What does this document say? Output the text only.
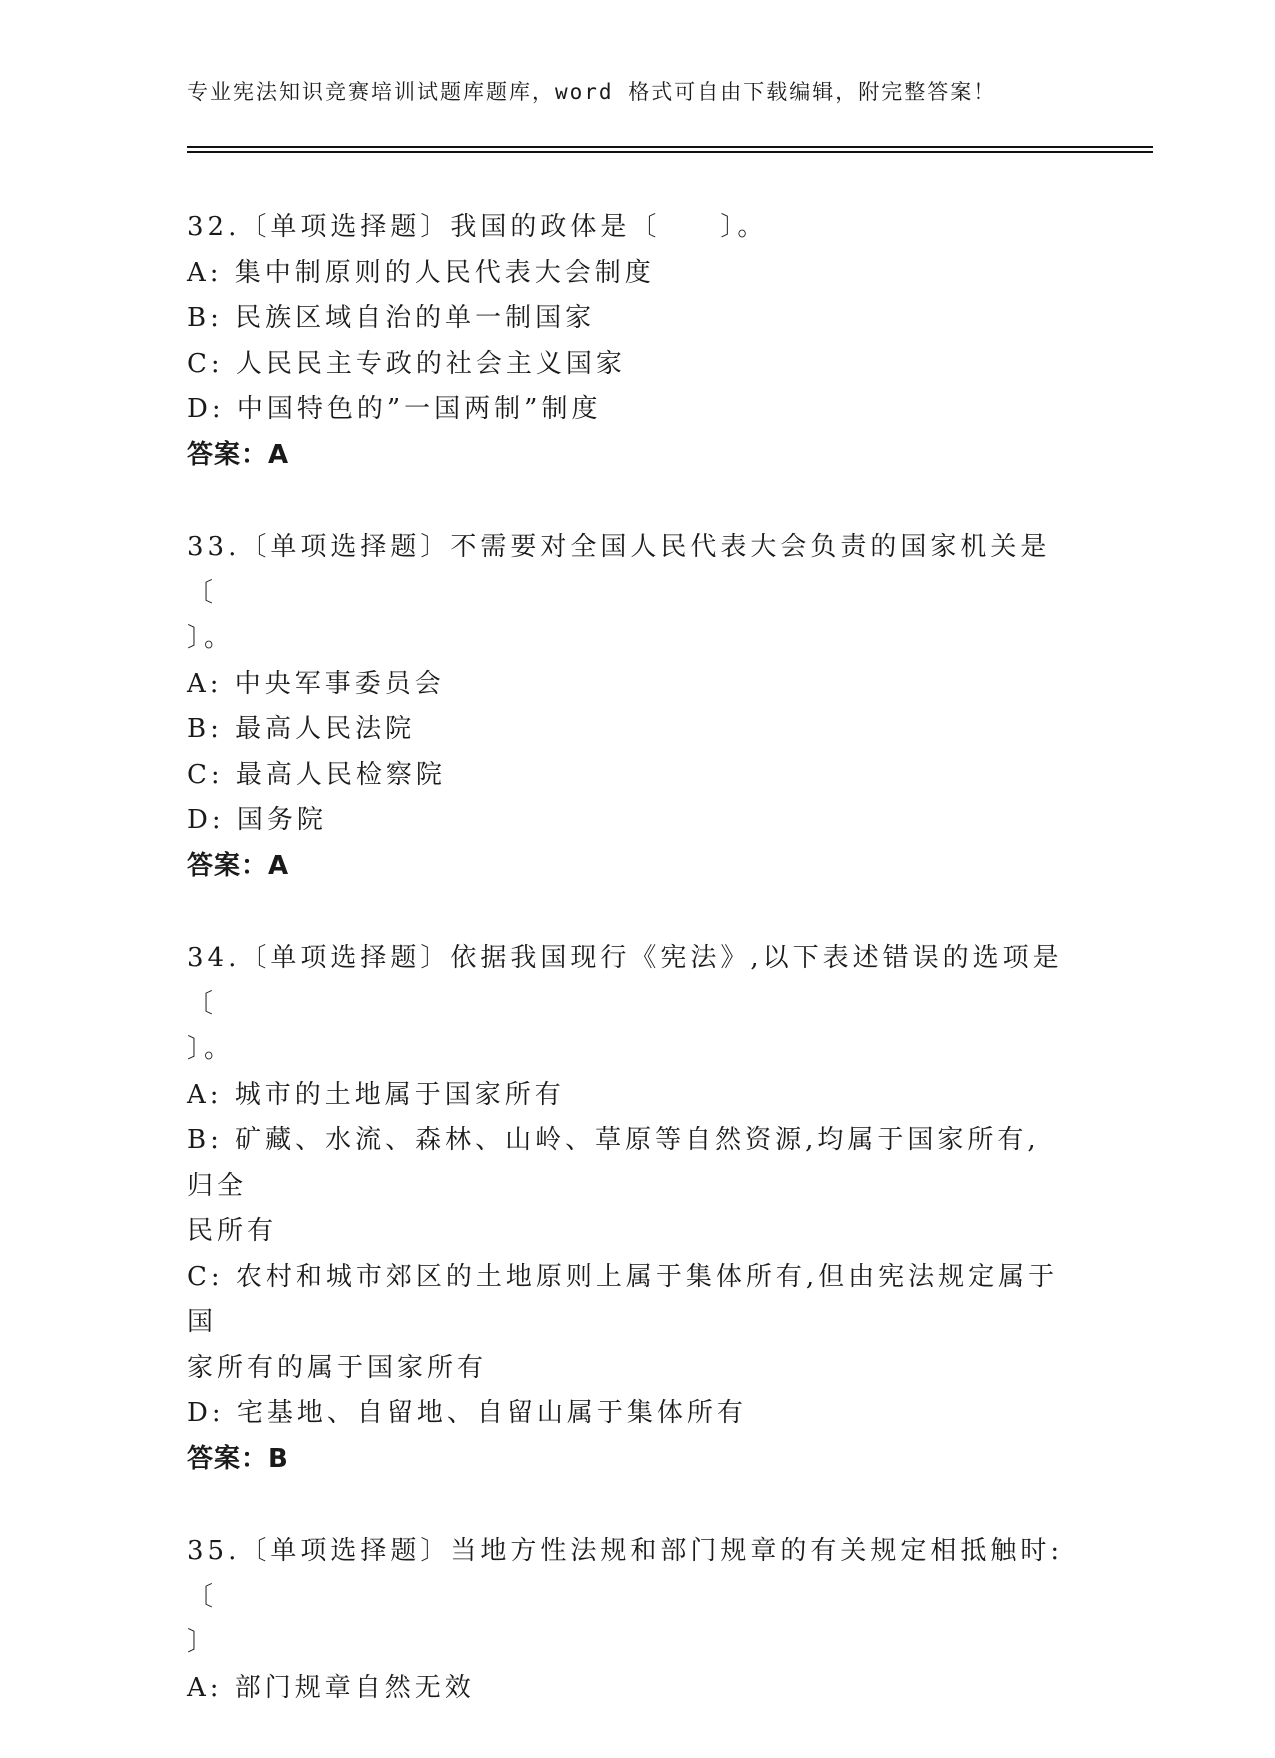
专业宪法知识竞赛培训试题库题库，word 格式可自由下载编辑，附完整答案！
32.〔单项选择题〕我国的政体是〔　　〕。
A: 集中制原则的人民代表大会制度
B: 民族区域自治的单一制国家
C: 人民民主专政的社会主义国家
D: 中国特色的”一国两制”制度
答案：A
33.〔单项选择题〕不需要对全国人民代表大会负责的国家机关是〔
〕。
A: 中央军事委员会
B: 最高人民法院
C: 最高人民检察院
D: 国务院
答案：A
34.〔单项选择题〕依据我国现行《宪法》,以下表述错误的选项是〔
〕。
A: 城市的土地属于国家所有
B: 矿藏、水流、森林、山岭、草原等自然资源,均属于国家所有,归全
民所有
C: 农村和城市郊区的土地原则上属于集体所有,但由宪法规定属于国
家所有的属于国家所有
D: 宅基地、自留地、自留山属于集体所有
答案：B
35.〔单项选择题〕当地方性法规和部门规章的有关规定相抵触时:〔
〕
A: 部门规章自然无效
